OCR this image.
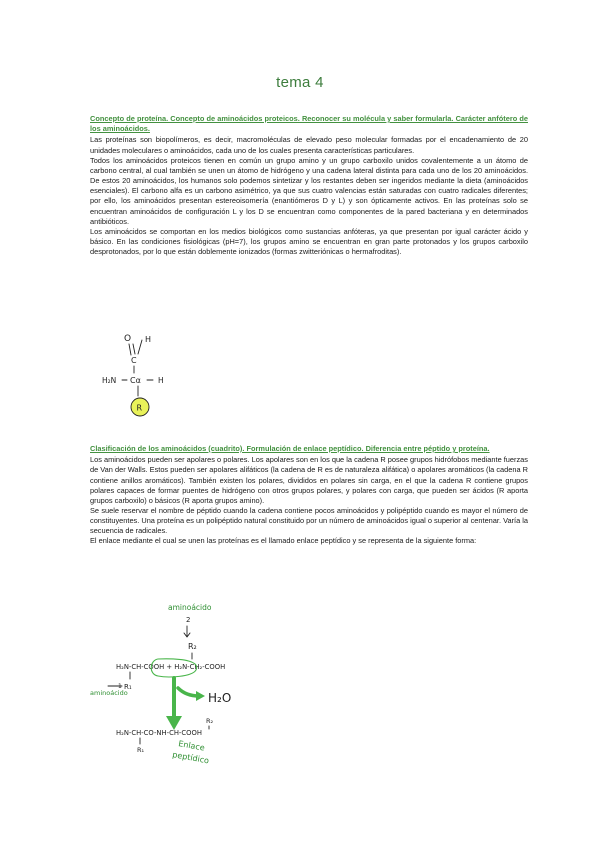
tema 4

Concepto de proteína. Concepto de aminoácidos proteicos. Reconocer su molécula y saber formularla. Carácter anfótero de los aminoácidos.

Las proteínas son biopolímeros, es decir, macromoléculas de elevado peso molecular formadas por el encadenamiento de 20 unidades moleculares o aminoácidos, cada uno de los cuales presenta características particulares.

Todos los aminoácidos proteicos tienen en común un grupo amino y un grupo carboxilo unidos covalentemente a un átomo de carbono central, al cual también se unen un átomo de hidrógeno y una cadena lateral distinta para cada uno de los 20 aminoácidos. De estos 20 aminoácidos, los humanos solo podemos sintetizar y los restantes deben ser ingeridos mediante la dieta (aminoácidos esenciales). El carbono alfa es un carbono asimétrico, ya que sus cuatro valencias están saturadas con cuatro radicales diferentes; por ello, los aminoácidos presentan estereoisomería (enantiómeros D y L) y son ópticamente activos. En las proteínas solo se encuentran aminoácidos de configuración L y los D se encuentran como componentes de la pared bacteriana y en determinados antibióticos.

Los aminoácidos se comportan en los medios biológicos como sustancias anfóteras, ya que presentan por igual carácter ácido y básico. En las condiciones fisiológicas (pH=7), los grupos amino se encuentran en gran parte protonados y los grupos carboxilo desprotonados, por lo que están doblemente ionizados (formas zwitteriónicas o hermafroditas).

O H
C
H₂N Cα H
R

Clasificación de los aminoácidos (cuadrito). Formulación de enlace peptídico. Diferencia entre péptido y proteína.

Los aminoácidos pueden ser apolares o polares. Los apolares son en los que la cadena R posee grupos hidrófobos mediante fuerzas de Van der Walls. Estos pueden ser apolares alifáticos (la cadena de R es de naturaleza alifática) o apolares aromáticos (la cadena R contiene anillos aromáticos). También existen los polares, divididos en polares sin carga, en el que la cadena R contiene grupos polares capaces de formar puentes de hidrógeno con otros grupos polares, y polares con carga, que pueden ser ácidos (R aporta grupos carboxilo) o básicos (R aporta grupos amino).

Se suele reservar el nombre de péptido cuando la cadena contiene pocos aminoácidos y polipéptido cuando es mayor el número de constituyentes. Una proteína es un polipéptido natural constituido por un número de aminoácidos igual o superior al centenar. Varía la secuencia de radicales.

El enlace mediante el cual se unen las proteínas es el llamado enlace peptídico y se representa de la siguiente forma:

aminoácido
2
R₂
H₂N-CH-COOH + H₂N-CH₂-COOH
aminoácido
1 R₁
H₂O
R₂
H₂N-CH-CO-NH-CH-COOH
R₁	Enlace
peptídico
